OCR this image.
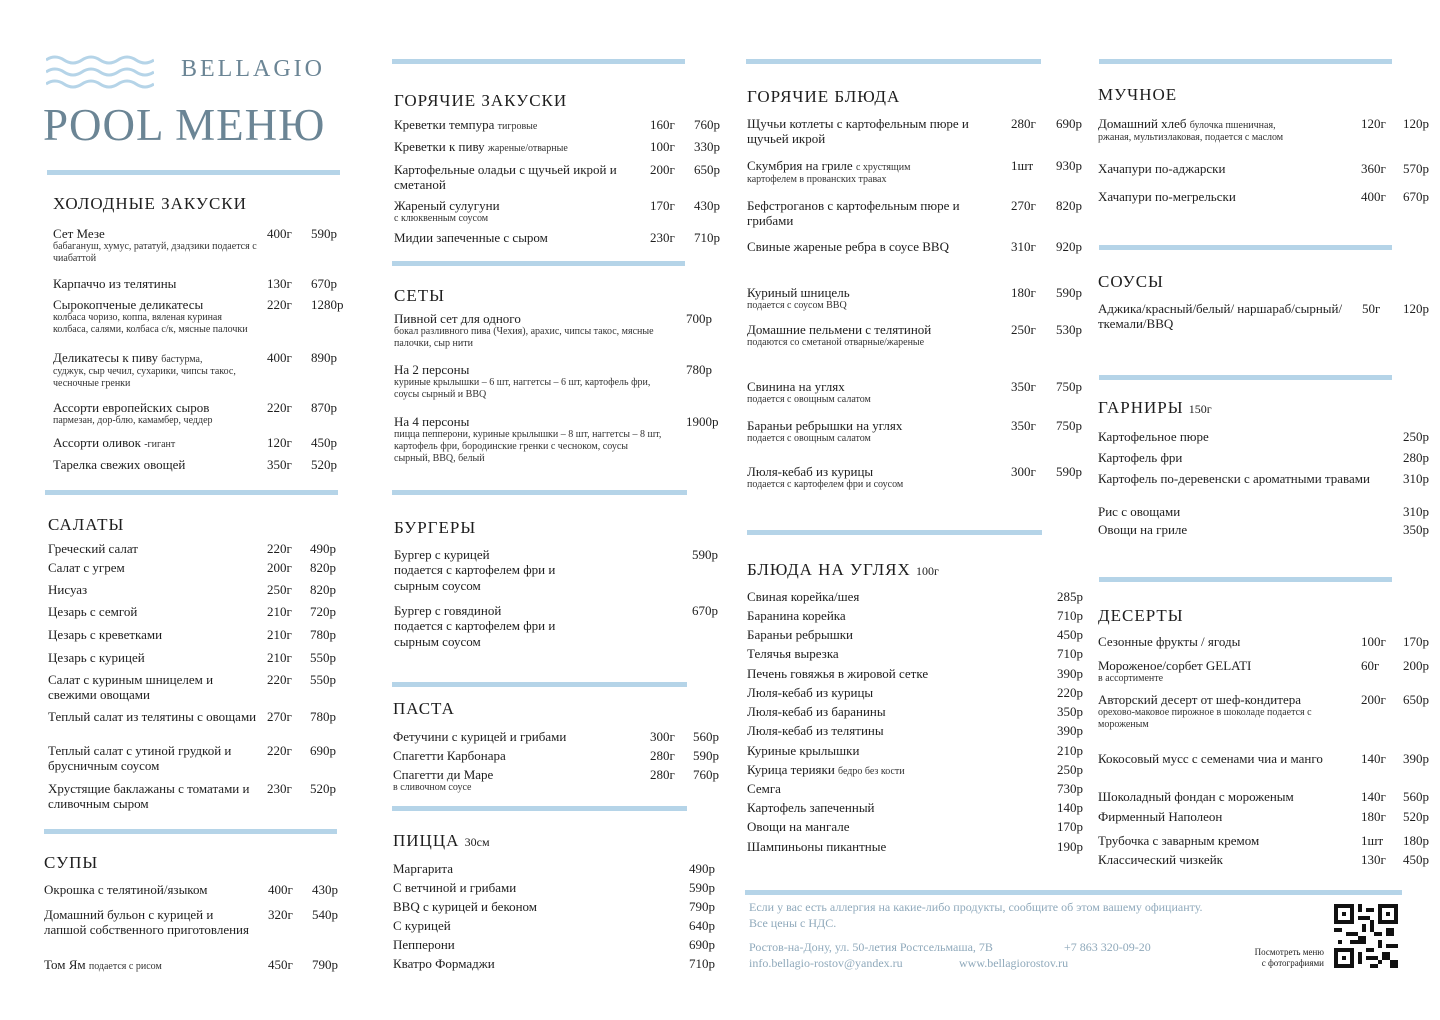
BELLAGIO
POOL МЕНЮ
ХОЛОДНЫЕ ЗАКУСКИ
Сет Мезе
бабагануш, хумус, рататуй, дзадзики подается с чиабаттой
400г 590р
Карпаччо из телятины	130г 670р
Сырокопченые деликатесы
колбаса чоризо, коппа, вяленая куриная колбаса, салями, колбаса с/к, мясные палочки
220г 1280р
Деликатесы к пиву бастурма,
суджук, сыр чечил, сухарики, чипсы такос, чесночные гренки
400г 890р
Ассорти европейских сыров
пармезан, дор-блю, камамбер, чеддер
220г 870р
Ассорти оливок -гигант	120г 450р
Тарелка свежих овощей	350г 520р
САЛАТЫ
Греческий салат	220г 490р
Салат с угрем	200г 820р
Нисуаз	250г 820р
Цезарь с семгой	210г 720р
Цезарь с креветками	210г 780р
Цезарь с курицей	210г 550р
Салат с куриным шницелем и свежими овощами
220г 550р
Теплый салат из телятины с овощами 270г 780р
Теплый салат с утиной грудкой и брусничным соусом
220г 690р
Хрустящие баклажаны с томатами и сливочным сыром
230г 520р
СУПЫ
Окрошка с телятиной/языком	400г 430р
Домашний бульон с курицей и лапшой собственного приготовления
320г 540р
Том Ям подается с рисом	450г 790р
ГОРЯЧИЕ ЗАКУСКИ
Креветки темпура тигровые	160г 760р
Креветки к пиву жареные/отварные	100г 330р
Картофельные оладьи с щучьей икрой и сметаной
200г 650р
Жареный сулугуни
с клюквенным соусом
170г 430р
Мидии запеченные с сыром	230г 710р
СЕТЫ
Пивной сет для одного
бокал разливного пива (Чехия), арахис, чипсы такос, мясные палочки, сыр нити
700р
На 2 персоны
куриные крылышки – 6 шт, наггетсы – 6 шт, картофель фри, соусы сырный и BBQ
780р
На 4 персоны
пицца пепперони, куриные крылышки – 8 шт, наггетсы – 8 шт, картофель фри, бородинские гренки с чесноком, соусы сырный, BBQ, белый
1900р
БУРГЕРЫ
Бургер с курицей
подается с картофелем фри и сырным соусом
590р
Бургер с говядиной
подается с картофелем фри и сырным соусом
670р
ПАСТА
Фетучини с курицей и грибами	300г 560р
Спагетти Карбонара	280г 590р
Спагетти ди Маре
в сливочном соусе
280г 760р
ПИЦЦА 30см
Маргарита	490р
С ветчиной и грибами	590р
BBQ с курицей и беконом	790р
С курицей	640р
Пепперони	690р
Кватро Формаджи	710р
ГОРЯЧИЕ БЛЮДА
Щучьи котлеты с картофельным пюре и щучьей икрой
280г 690р
Скумбрия на гриле с хрустящим
картофелем в прованских травах
1шт 930р
Бефстроганов с картофельным пюре и грибами
270г 820р
Свиные жареные ребра в соусе BBQ	310г 920р
Куриный шницель
подается с соусом BBQ
180г 590р
Домашние пельмени с телятиной
подаются со сметаной отварные/жареные
250г 530р
Свинина на углях
подается с овощным салатом
350г 750р
Бараньи ребрышки на углях
подается с овощным салатом
350г 750р
Люля-кебаб из курицы
подается с картофелем фри и соусом
300г 590р
БЛЮДА НА УГЛЯХ 100г
Свиная корейка/шея	285р
Баранина корейка	710р
Бараньи ребрышки	450р
Телячья вырезка	710р
Печень говяжья в жировой сетке	390р
Люля-кебаб из курицы	220р
Люля-кебаб из баранины	350р
Люля-кебаб из телятины	390р
Куриные крылышки	210р
Курица терияки бедро без кости	250р
Семга	730р
Картофель запеченный	140р
Овощи на мангале	170р
Шампиньоны пикантные	190р
МУЧНОЕ
Домашний хлеб булочка пшеничная,
ржаная, мультизлаковая, подается с маслом
120г 120р
Хачапури по-аджарски	360г 570р
Хачапури по-мегрельски	400г 670р
СОУСЫ
Аджика/красный/белый/ наршараб/сырный/ткемали/BBQ
50г 120р
ГАРНИРЫ 150г
Картофельное пюре	250р
Картофель фри	280р
Картофель по-деревенски с ароматными травами	310р
Рис с овощами	310р
Овощи на гриле	350р
ДЕСЕРТЫ
Сезонные фрукты / ягоды	100г 170р
Мороженое/сорбет GELATI
в ассортименте
60г 200р
Авторский десерт от шеф-кондитера
орехово-маковое пирожное в шоколаде подается с мороженым
200г 650р
Кокосовый мусс с семенами чиа и манго	140г 390р
Шоколадный фондан с мороженым	140г 560р
Фирменный Наполеон	180г 520р
Трубочка с заварным кремом	1шт 180р
Классический чизкейк	130г 450р
Если у вас есть аллергия на какие-либо продукты, сообщите об этом вашему официанту.
Все цены с НДС.
Ростов-на-Дону, ул. 50-летия Ростсельмаша, 7В	+7 863 320-09-20
info.bellagio-rostov@yandex.ru	www.bellagiorostov.ru
Посмотреть меню
с фотографиями
